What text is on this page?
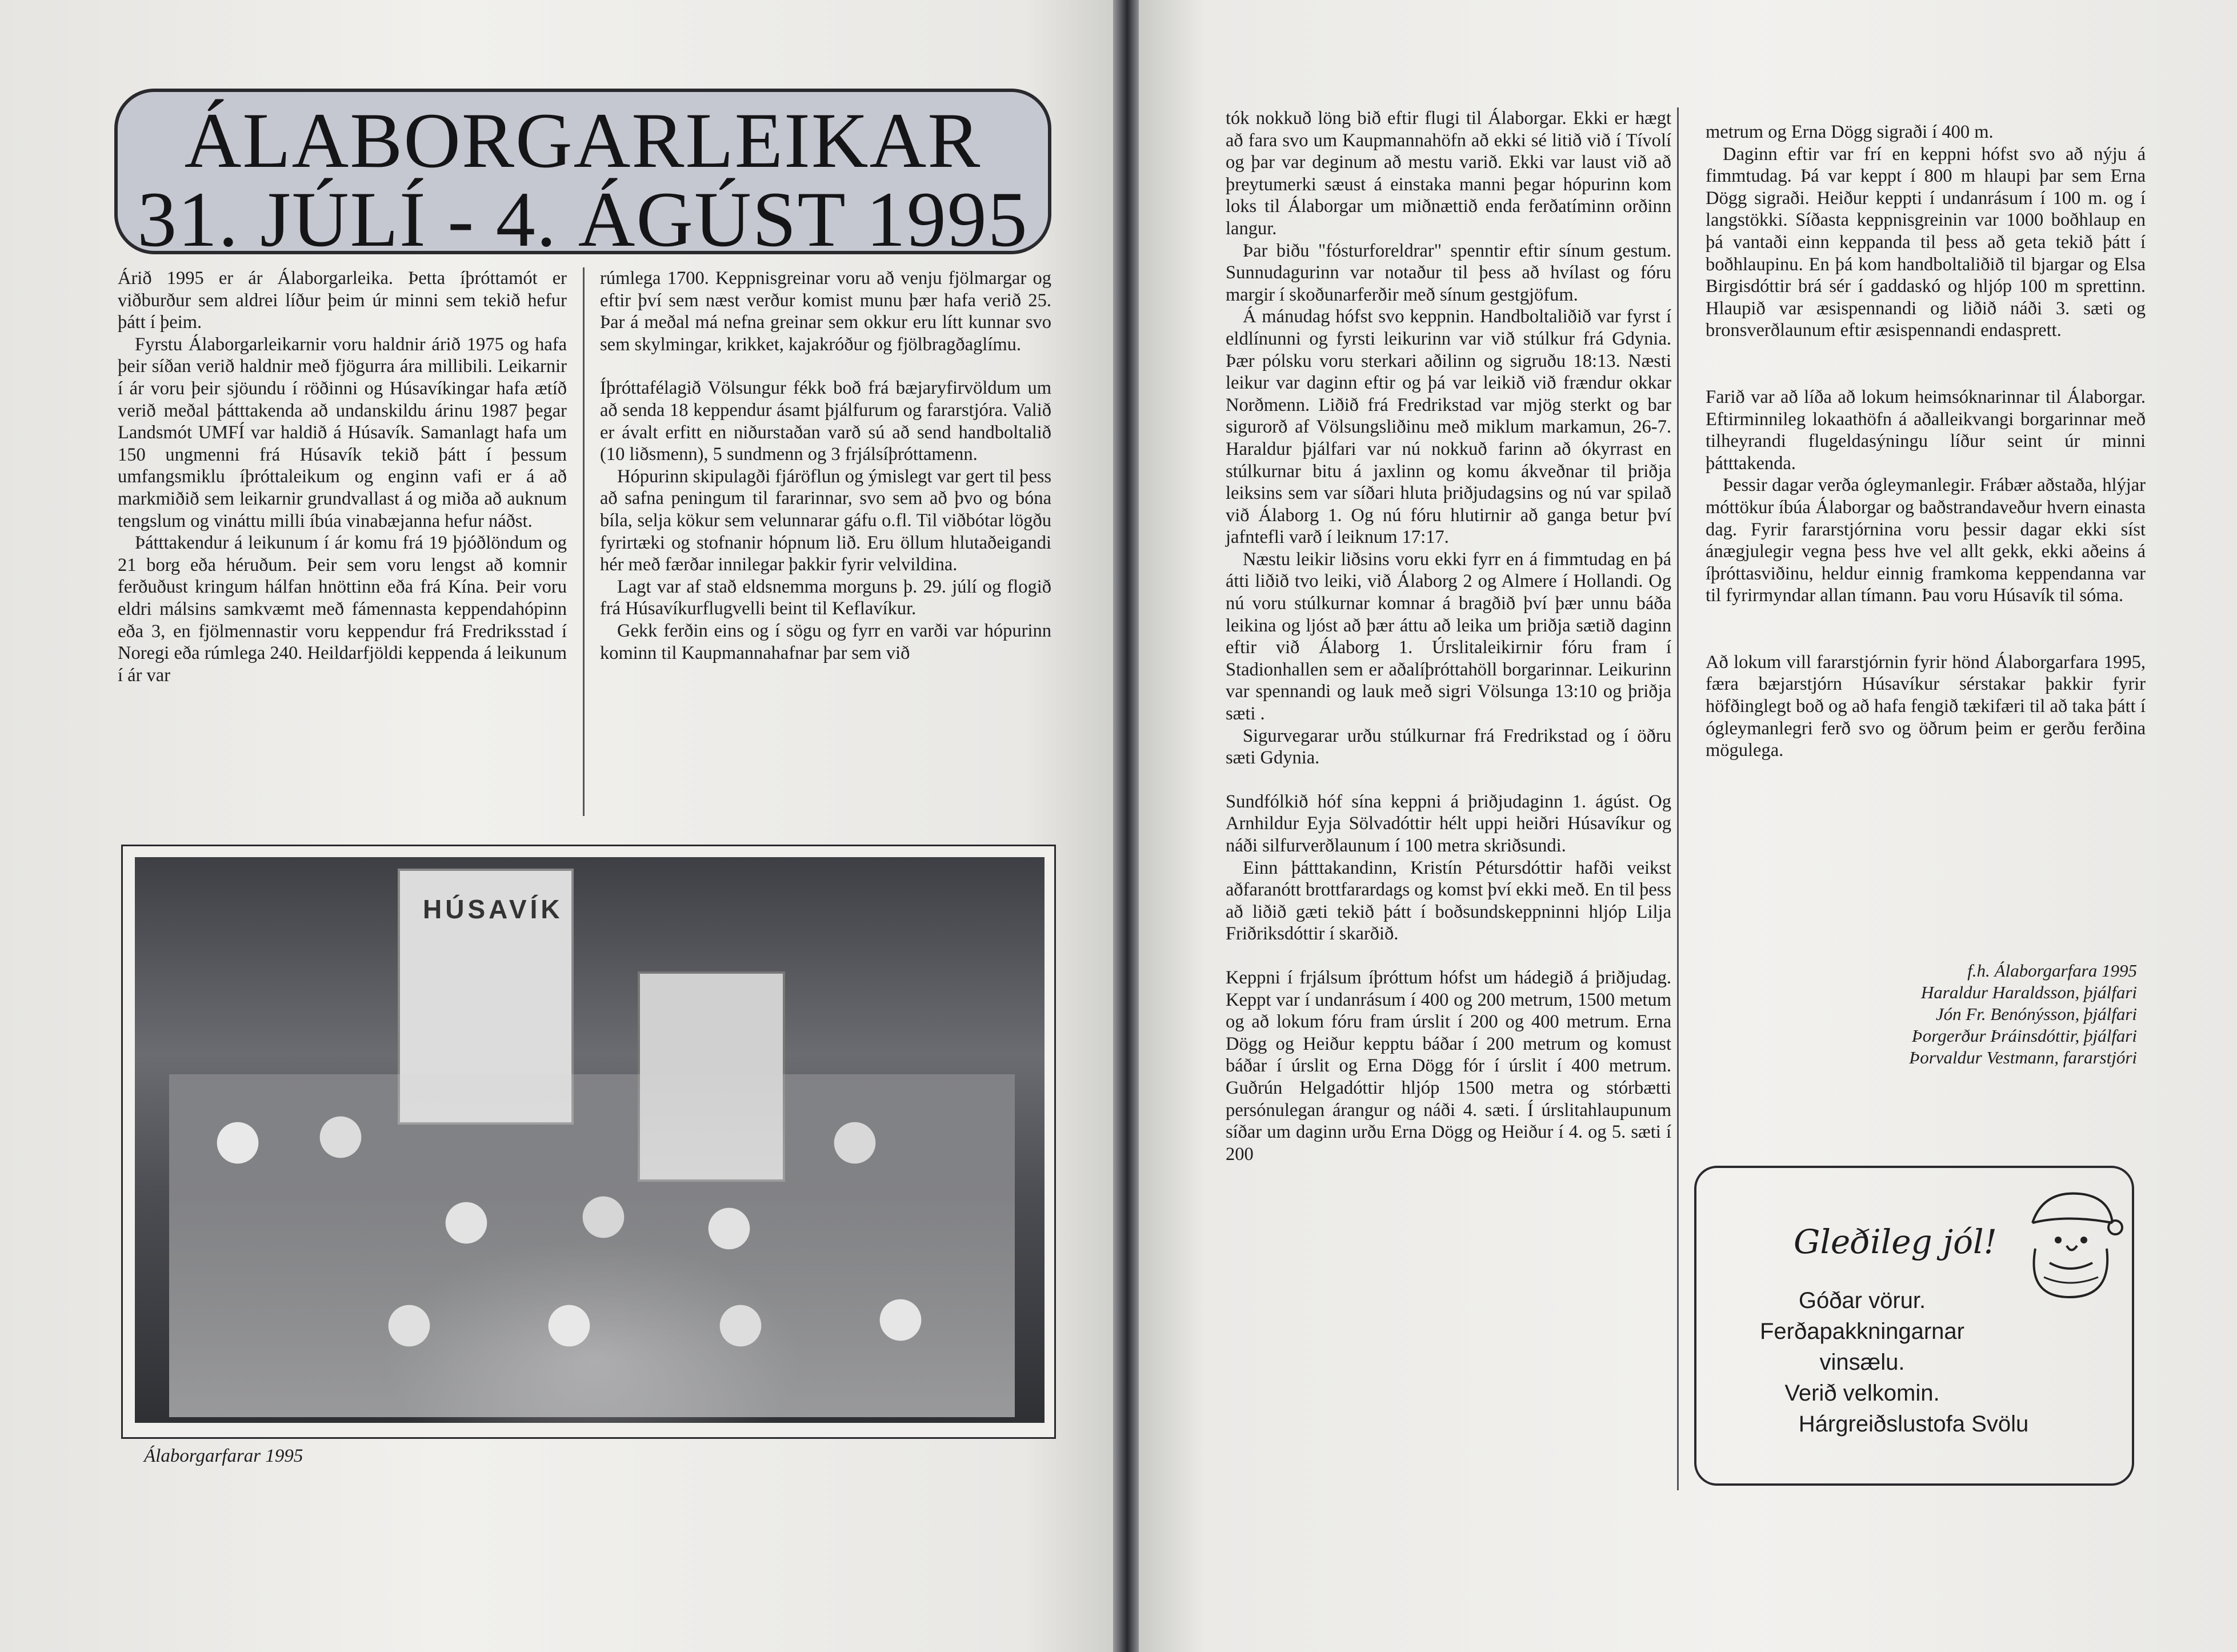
ÁLABORGARLEIKAR
31. JÚLÍ - 4. ÁGÚST 1995

Árið 1995 er ár Álaborgarleika. Þetta íþróttamót er viðburður sem aldrei líður þeim úr minni sem tekið hefur þátt í þeim.

Fyrstu Álaborgarleikarnir voru haldnir árið 1975 og hafa þeir síðan verið haldnir með fjögurra ára millibili. Leikarnir í ár voru þeir sjöundu í röðinni og Húsavíkingar hafa ætíð verið meðal þátttakenda að undanskildu árinu 1987 þegar Landsmót UMFÍ var haldið á Húsavík. Samanlagt hafa um 150 ungmenni frá Húsavík tekið þátt í þessum umfangsmiklu íþróttaleikum og enginn vafi er á að markmiðið sem leikarnir grundvallast á og miða að auknum tengslum og vináttu milli íbúa vinabæjanna hefur náðst.

Þátttakendur á leikunum í ár komu frá 19 þjóðlöndum og 21 borg eða héruðum. Þeir sem voru lengst að komnir ferðuðust kringum hálfan hnöttinn eða frá Kína. Þeir voru eldri málsins samkvæmt með fámennasta keppendahópinn eða 3, en fjölmennastir voru keppendur frá Fredriksstad í Noregi eða rúmlega 240. Heildarfjöldi keppenda á leikunum í ár var

rúmlega 1700. Keppnisgreinar voru að venju fjölmargar og eftir því sem næst verður komist munu þær hafa verið 25. Þar á meðal má nefna greinar sem okkur eru lítt kunnar svo sem skylmingar, krikket, kajakróður og fjölbragðaglímu.

Íþróttafélagið Völsungur fékk boð frá bæjaryfirvöldum um að senda 18 keppendur ásamt þjálfurum og fararstjóra. Valið er ávalt erfitt en niðurstaðan varð sú að send handboltalið (10 liðsmenn), 5 sundmenn og 3 frjálsíþróttamenn.

Hópurinn skipulagði fjáröflun og ýmislegt var gert til þess að safna peningum til fararinnar, svo sem að þvo og bóna bíla, selja kökur sem velunnarar gáfu o.fl. Til viðbótar lögðu fyrirtæki og stofnanir hópnum lið. Eru öllum hlutaðeigandi hér með færðar innilegar þakkir fyrir velvildina.

Lagt var af stað eldsnemma morguns þ. 29. júlí og flogið frá Húsavíkurflugvelli beint til Keflavíkur.

Gekk ferðin eins og í sögu og fyrr en varði var hópurinn kominn til Kaupmannahafnar þar sem við

HÚSAVÍK
Álaborgarfarar 1995

tók nokkuð löng bið eftir flugi til Álaborgar. Ekki er hægt að fara svo um Kaupmannahöfn að ekki sé litið við í Tívolí og þar var deginum að mestu varið. Ekki var laust við að þreytumerki sæust á einstaka manni þegar hópurinn kom loks til Álaborgar um miðnættið enda ferðatíminn orðinn langur.

Þar biðu "fósturforeldrar" spenntir eftir sínum gestum. Sunnudagurinn var notaður til þess að hvílast og fóru margir í skoðunarferðir með sínum gestgjöfum.

Á mánudag hófst svo keppnin. Handboltaliðið var fyrst í eldlínunni og fyrsti leikurinn var við stúlkur frá Gdynia. Þær pólsku voru sterkari aðilinn og sigruðu 18:13. Næsti leikur var daginn eftir og þá var leikið við frændur okkar Norðmenn. Liðið frá Fredrikstad var mjög sterkt og bar sigurorð af Völsungsliðinu með miklum markamun, 26-7. Haraldur þjálfari var nú nokkuð farinn að ókyrrast en stúlkurnar bitu á jaxlinn og komu ákveðnar til þriðja leiksins sem var síðari hluta þriðjudagsins og nú var spilað við Álaborg 1. Og nú fóru hlutirnir að ganga betur því jafntefli varð í leiknum 17:17.

Næstu leikir liðsins voru ekki fyrr en á fimmtudag en þá átti liðið tvo leiki, við Álaborg 2 og Almere í Hollandi. Og nú voru stúlkurnar komnar á bragðið því þær unnu báða leikina og ljóst að þær áttu að leika um þriðja sætið daginn eftir við Álaborg 1. Úrslitaleikirnir fóru fram í Stadionhallen sem er aðalíþróttahöll borgarinnar. Leikurinn var spennandi og lauk með sigri Völsunga 13:10 og þriðja sæti .

Sigurvegarar urðu stúlkurnar frá Fredrikstad og í öðru sæti Gdynia.

Sundfólkið hóf sína keppni á þriðjudaginn 1. ágúst. Og Arnhildur Eyja Sölvadóttir hélt uppi heiðri Húsavíkur og náði silfurverðlaunum í 100 metra skriðsundi.

Einn þátttakandinn, Kristín Pétursdóttir hafði veikst aðfaranótt brottfarardags og komst því ekki með. En til þess að liðið gæti tekið þátt í boðsundskeppninni hljóp Lilja Friðriksdóttir í skarðið.

Keppni í frjálsum íþróttum hófst um hádegið á þriðjudag. Keppt var í undanrásum í 400 og 200 metrum, 1500 metum og að lokum fóru fram úrslit í 200 og 400 metrum. Erna Dögg og Heiður kepptu báðar í 200 metrum og komust báðar í úrslit og Erna Dögg fór í úrslit í 400 metrum. Guðrún Helgadóttir hljóp 1500 metra og stórbætti persónulegan árangur og náði 4. sæti. Í úrslitahlaupunum síðar um daginn urðu Erna Dögg og Heiður í 4. og 5. sæti í 200

metrum og Erna Dögg sigraði í 400 m.

Daginn eftir var frí en keppni hófst svo að nýju á fimmtudag. Þá var keppt í 800 m hlaupi þar sem Erna Dögg sigraði. Heiður keppti í undanrásum í 100 m. og í langstökki. Síðasta keppnisgreinin var 1000 boðhlaup en þá vantaði einn keppanda til þess að geta tekið þátt í boðhlaupinu. En þá kom handboltaliðið til bjargar og Elsa Birgisdóttir brá sér í gaddaskó og hljóp 100 m sprettinn. Hlaupið var æsispennandi og liðið náði 3. sæti og bronsverðlaunum eftir æsispennandi endasprett.

Farið var að líða að lokum heimsóknarinnar til Álaborgar. Eftirminnileg lokaathöfn á aðalleikvangi borgarinnar með tilheyrandi flugeldasýningu líður seint úr minni þátttakenda.

Þessir dagar verða ógleymanlegir. Frábær aðstaða, hlýjar móttökur íbúa Álaborgar og baðstrandaveður hvern einasta dag. Fyrir fararstjórnina voru þessir dagar ekki síst ánægjulegir vegna þess hve vel allt gekk, ekki aðeins á íþróttasviðinu, heldur einnig framkoma keppendanna var til fyrirmyndar allan tímann. Þau voru Húsavík til sóma.

Að lokum vill fararstjórnin fyrir hönd Álaborgarfara 1995, færa bæjarstjórn Húsavíkur sérstakar þakkir fyrir höfðinglegt boð og að hafa fengið tækifæri til að taka þátt í ógleymanlegri ferð svo og öðrum þeim er gerðu ferðina mögulega.

f.h. Álaborgarfara 1995
Haraldur Haraldsson, þjálfari
Jón Fr. Benónýsson, þjálfari
Þorgerður Þráinsdóttir, þjálfari
Þorvaldur Vestmann, fararstjóri
Gleðileg jól!
Góðar vörur.
Ferðapakkningarnar
vinsælu.
Verið velkomin.
Hárgreiðslustofa Svölu
